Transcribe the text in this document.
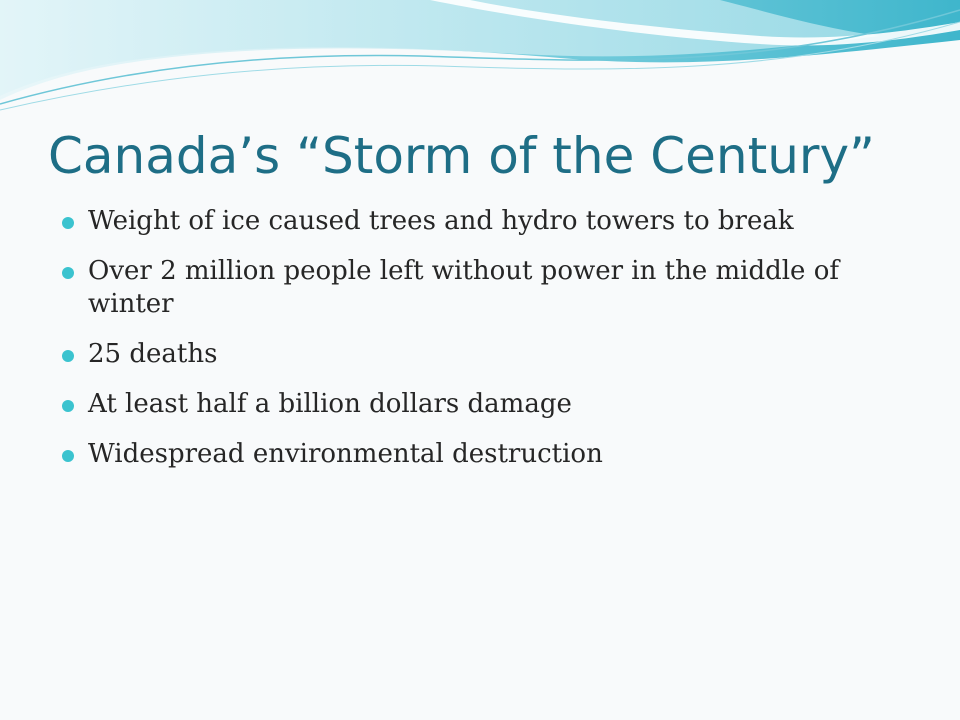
Canada’s “Storm of the Century”
Weight of ice caused trees and hydro towers to break
Over 2 million people left without power in the middle of winter
25 deaths
At least half a billion dollars damage
Widespread environmental destruction
